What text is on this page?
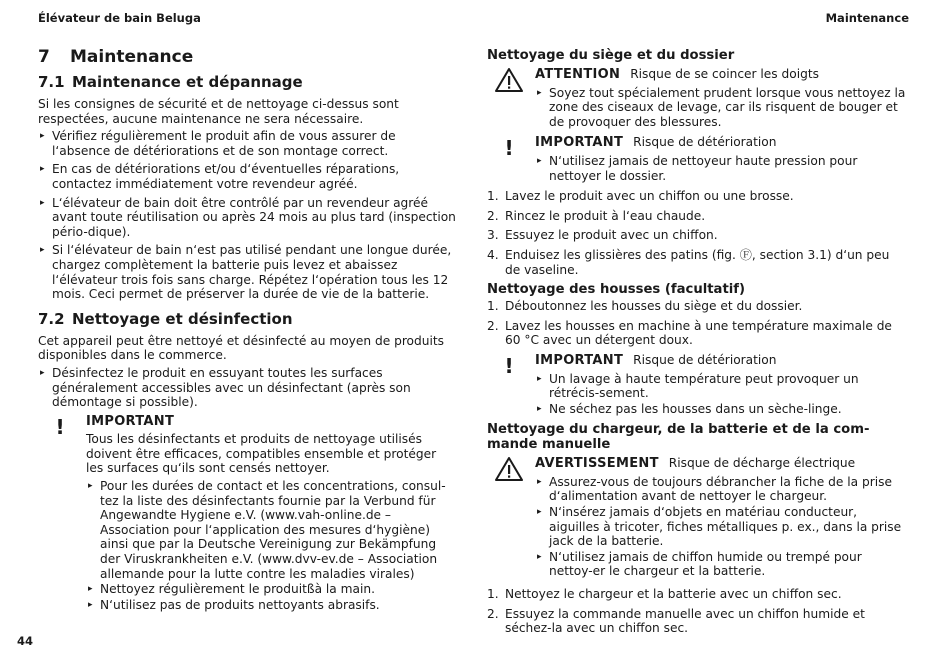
Élévateur de bain Beluga	Maintenance
7 Maintenance
7.1 Maintenance et dépannage

Si les consignes de sécurité et de nettoyage ci-dessus sont respectées, aucune maintenance ne sera nécessaire.

▸ Vérifiez régulièrement le produit afin de vous assurer de l‘absence de détériorations et de son montage correct.
▸ En cas de détériorations et/ou d‘éventuelles réparations, contactez immédiatement votre revendeur agréé.
▸ L‘élévateur de bain doit être contrôlé par un revendeur agréé avant toute réutilisation ou après 24 mois au plus tard (inspection pério-dique).
▸ Si l‘élévateur de bain n‘est pas utilisé pendant une longue durée, chargez complètement la batterie puis levez et abaissez l‘élévateur trois fois sans charge. Répétez l‘opération tous les 12 mois. Ceci permet de préserver la durée de vie de la batterie.
7.2 Nettoyage et désinfection

Cet appareil peut être nettoyé et désinfecté au moyen de produits disponibles dans le commerce.

▸ Désinfectez le produit en essuyant toutes les surfaces généralement accessibles avec un désinfectant (après son démontage si possible).
!	IMPORTANT

Tous les désinfectants et produits de nettoyage utilisés doivent être efficaces, compatibles ensemble et protéger les surfaces qu‘ils sont censés nettoyer.

▸ Pour les durées de contact et les concentrations, consul-tez la liste des désinfectants fournie par la Verbund für Angewandte Hygiene e.V. (www.vah-online.de – Association pour l‘application des mesures d‘hygiène) ainsi que par la Deutsche Vereinigung zur Bekämpfung der Viruskrankheiten e.V. (www.dvv-ev.de – Association allemande pour la lutte contre les maladies virales)
▸ Nettoyez régulièrement le produitßà la main.
▸ N‘utilisez pas de produits nettoyants abrasifs.
Nettoyage du siège et du dossier
ATTENTION Risque de se coincer les doigts
▸ Soyez tout spécialement prudent lorsque vous nettoyez la zone des ciseaux de levage, car ils risquent de bouger et de provoquer des blessures.
!	IMPORTANT Risque de détérioration
▸ N‘utilisez jamais de nettoyeur haute pression pour nettoyer le dossier.
1. Lavez le produit avec un chiffon ou une brosse.
2. Rincez le produit à l‘eau chaude.
3. Essuyez le produit avec un chiffon.
4. Enduisez les glissières des patins (fig. Ⓕ, section 3.1) d‘un peu de vaseline.
Nettoyage des housses (facultatif)
1. Déboutonnez les housses du siège et du dossier.
2. Lavez les housses en machine à une température maximale de 60 °C avec un détergent doux.
!	IMPORTANT Risque de détérioration
▸ Un lavage à haute température peut provoquer un rétrécis-sement.
▸ Ne séchez pas les housses dans un sèche-linge.
Nettoyage du chargeur, de la batterie et de la com-mande manuelle
AVERTISSEMENT Risque de décharge électrique
▸ Assurez-vous de toujours débrancher la fiche de la prise d‘alimentation avant de nettoyer le chargeur.
▸ N‘insérez jamais d‘objets en matériau conducteur, aiguilles à tricoter, fiches métalliques p. ex., dans la prise jack de la batterie.
▸ N‘utilisez jamais de chiffon humide ou trempé pour nettoy-er le chargeur et la batterie.
1. Nettoyez le chargeur et la batterie avec un chiffon sec.
2. Essuyez la commande manuelle avec un chiffon humide et séchez-la avec un chiffon sec.
44
